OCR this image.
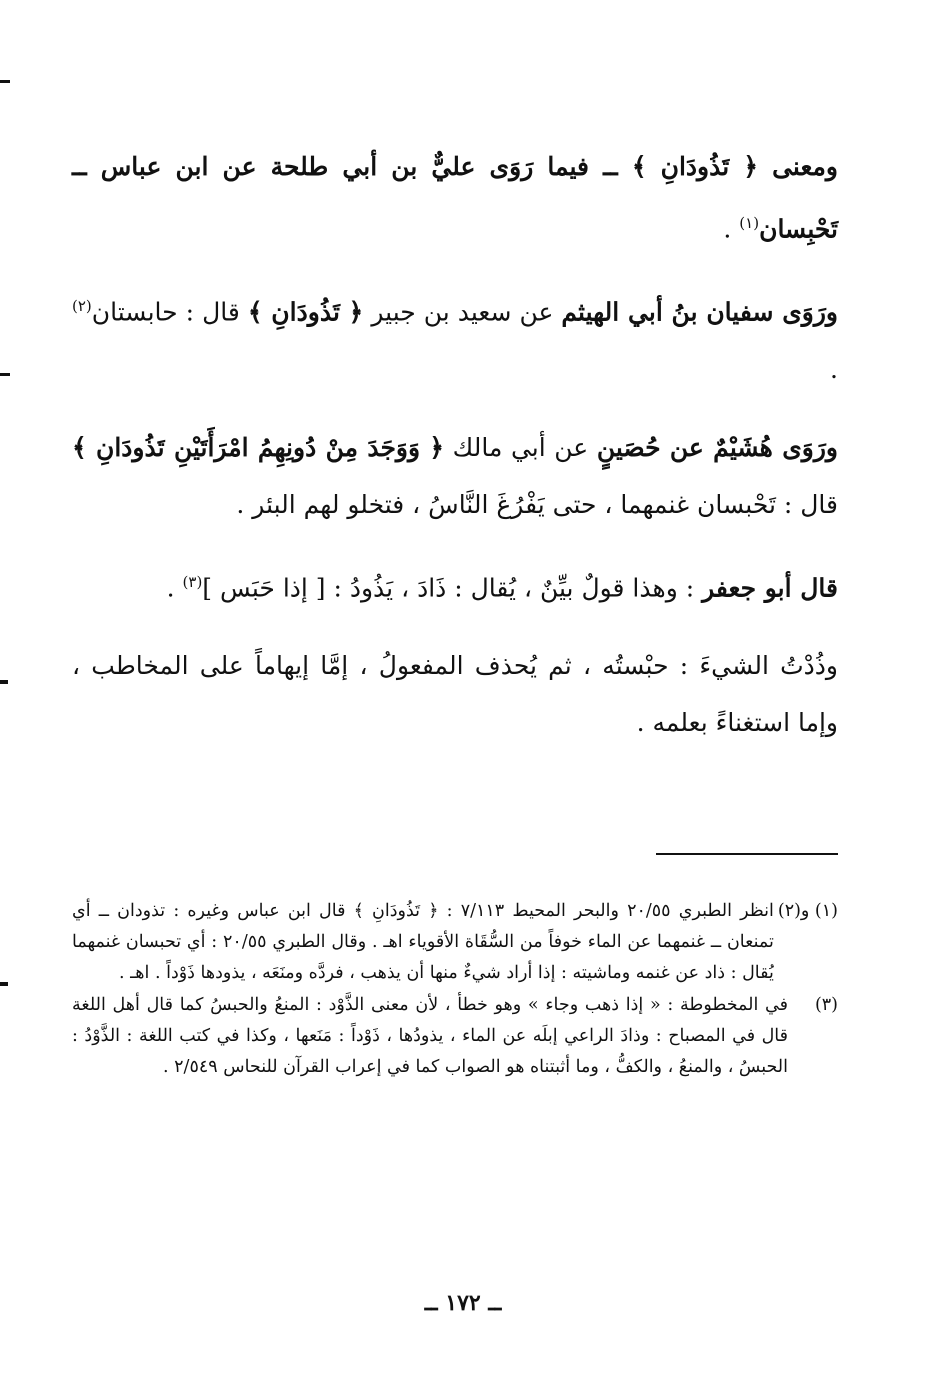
ومعنى ﴿ تَذُودَانِ ﴾ ــ فيما رَوَى عليٌّ بن أبي طلحة عن ابن عباس ــ تَحْبِسان$^{(١)}$ .

ورَوَى سفيان بنُ أبي الهيثم عن سعيد بن جبير ﴿ تَذُودَانِ ﴾ قال : حابستان$^{(٢)}$ .

ورَوَى هُشَيْمٌ عن حُصَينٍ عن أبي مالك ﴿ وَوَجَدَ مِنْ دُونِهِمُ امْرَأَتَيْنِ تَذُودَانِ ﴾ قال : تَحْبسان غنمهما ، حتى يَفْرُغَ النَّاسُ ، فتخلو لهم البئر .

قال أبو جعفر : وهذا قولٌ بيِّنٌ ، يُقال : ذَادَ ، يَذُودُ : [ إذا حَبَس ]$^{(٣)}$ .

وذُدْتُ الشيءَ : حبْستُه ، ثم يُحذف المفعولُ ، إمَّا إيهاماً على المخاطب ، وإما استغناءً بعلمه .

(١) و(٢)
انظر الطبري ٢٠/٥٥ والبحر المحيط ٧/١١٣ : ﴿ تَذُودَانِ ﴾ قال ابن عباس وغيره : تذودان ــ أي تمنعان ــ غنمهما عن الماء خوفاً من السُّقَاة الأقوياء اهـ . وقال الطبري ٢٠/٥٥ : أي تحبسان غنمهما يُقال : ذاد عن غنمه وماشيته : إذا أراد شيءٌ منها أن يذهب ، فردَّه ومنَعَه ، يذودها ذَوْداً . اهـ .
(٣)
في المخطوطة : « إذا ذهب وجاء » وهو خطأ ، لأن معنى الذَّوْد : المنعُ والحبسُ كما قال أهل اللغة قال في المصباح : وذادَ الراعي إبلَه عن الماء ، يذودُها ، ذَوْداً : مَنَعها ، وكذا في كتب اللغة : الذَّوْدُ : الحبسُ ، والمنعُ ، والكفُّ ، وما أثبتناه هو الصواب كما في إعراب القرآن للنحاس ٢/٥٤٩ .
ــ ١٧٢ ــ
